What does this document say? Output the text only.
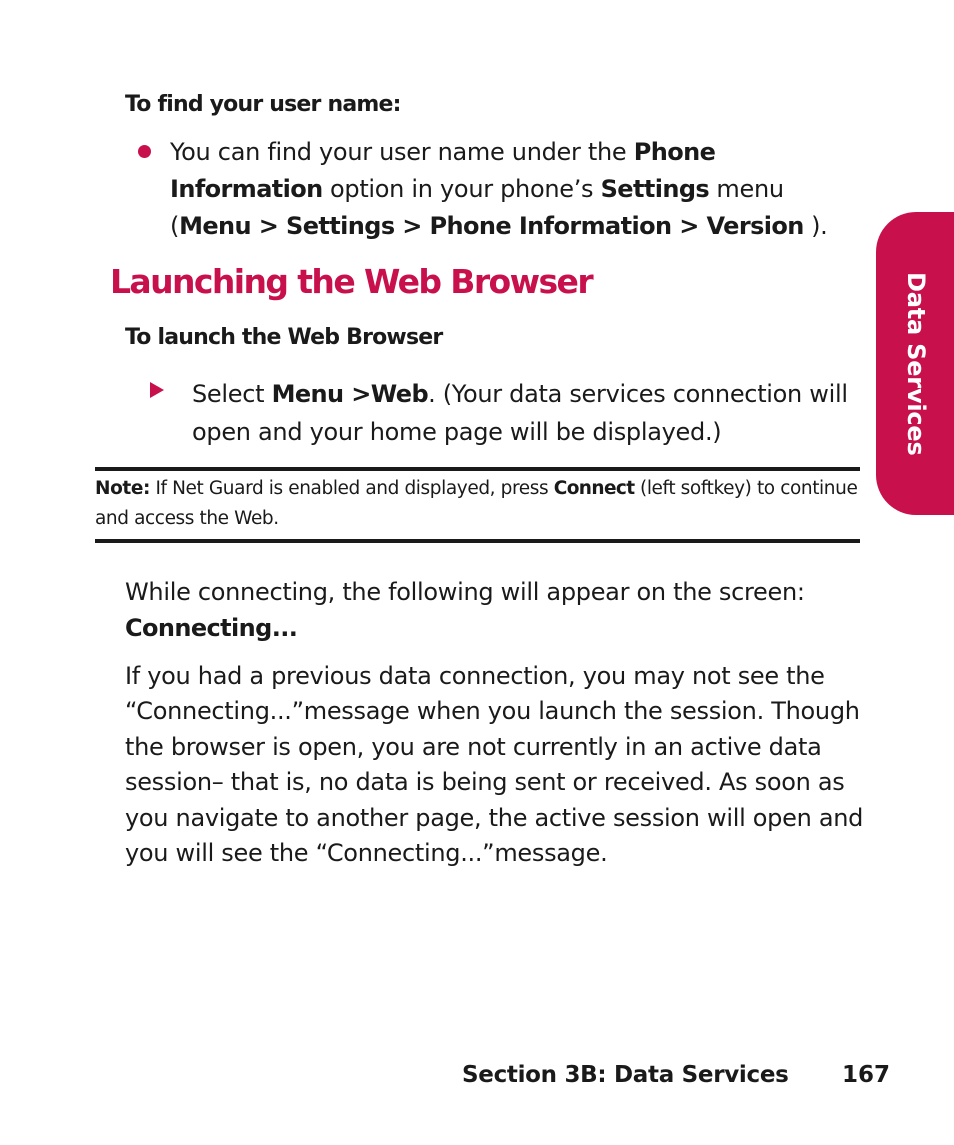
To find your user name:
You can find your user name under the Phone Information option in your phone’s Settings menu (Menu > Settings > Phone Information > Version ).
Launching the Web Browser
To launch the Web Browser
Select Menu >Web. (Your data services connection will open and your home page will be displayed.)
Note: If Net Guard is enabled and displayed, press Connect (left softkey) to continue and access the Web.
While connecting, the following will appear on the screen:
Connecting...
If you had a previous data connection, you may not see the “Connecting...”message when you launch the session. Though the browser is open, you are not currently in an active data session– that is, no data is being sent or received. As soon as you navigate to another page, the active session will open and you will see the “Connecting...”message.
Data Services
Section 3B: Data Services 167
